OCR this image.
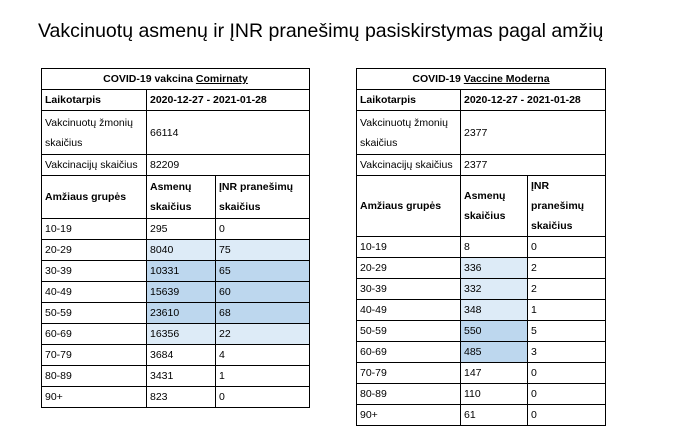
Vakcinuotų asmenų ir ĮNR pranešimų pasiskirstymas pagal amžių
COVID-19 vakcina Comirnaty		
Laikotarpis	2020-12-27 - 2021-01-28	
Vakcinuotų žmonių skaičius	66114	
Vakcinacijų skaičius	82209	
Amžiaus grupės	Asmenų skaičius	ĮNR pranešimų skaičius
10-19	295	0
20-29	8040	75
30-39	10331	65
40-49	15639	60
50-59	23610	68
60-69	16356	22
70-79	3684	4
80-89	3431	1
90+	823	0
COVID-19 Vaccine Moderna		
Laikotarpis	2020-12-27 - 2021-01-28	
Vakcinuotų žmonių skaičius	2377	
Vakcinacijų skaičius	2377	
Amžiaus grupės	Asmenų skaičius	ĮNR pranešimų skaičius
10-19	8	0
20-29	336	2
30-39	332	2
40-49	348	1
50-59	550	5
60-69	485	3
70-79	147	0
80-89	110	0
90+	61	0
